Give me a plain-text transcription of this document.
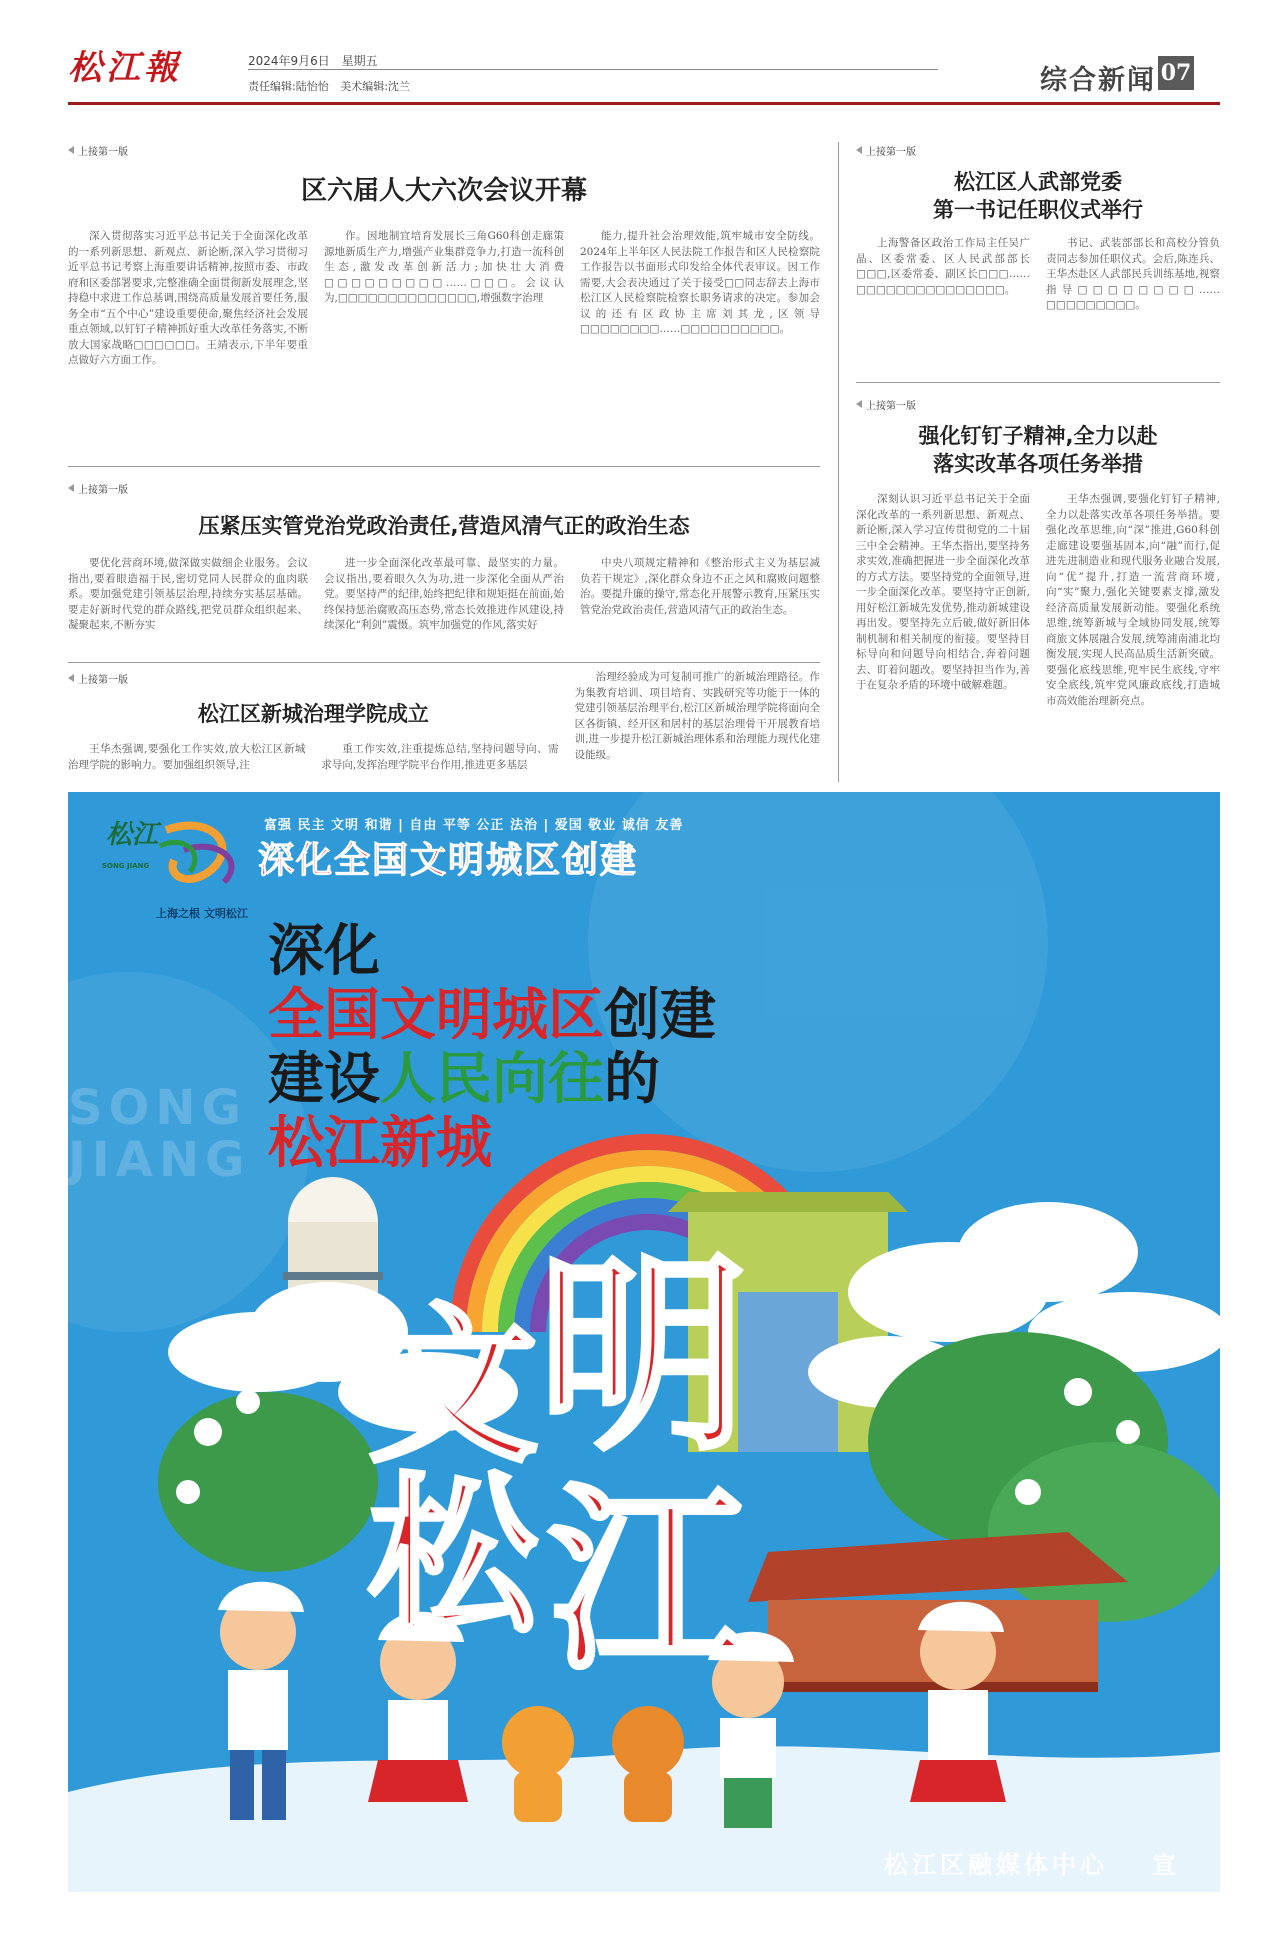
松江報	2024年9月6日 星期五
责任编辑:陆怡怡 美术编辑:沈兰	综合新闻 07
上接第一版
区六届人大六次会议开幕
深入贯彻落实习近平总书记关于全面深化改革的一系列新思想、新观点、新论断,深入学习贯彻习近平总书记考察上海重要讲话精神,按照市委、市政府和区委部署要求,完整准确全面贯彻新发展理念,坚持稳中求进工作总基调,围绕高质量发展首要任务,服务全市“五个中心”建设重要使命,聚焦经济社会发展重点领域,以钉钉子精神抓好重大改革任务落实,不断放大国家战略□□□□□□。王靖表示,下半年要重点做好六方面工作。
作。因地制宜培育发展长三角G60科创走廊策源地新质生产力,增强产业集群竞争力,打造一流科创生态,激发改革创新活力;加快壮大消费□□□□□□□□□……□□□。会议认为,□□□□□□□□□□□□□□,增强数字治理
能力,提升社会治理效能,筑牢城市安全防线。2024年上半年区人民法院工作报告和区人民检察院工作报告以书面形式印发给全体代表审议。因工作需要,大会表决通过了关于接受□□同志辞去上海市松江区人民检察院检察长职务请求的决定。参加会议的还有区政协主席刘其龙,区领导□□□□□□□□……□□□□□□□□□□。
上接第一版
松江区人武部党委
第一书记任职仪式举行
上海警备区政治工作局主任吴广晶、区委常委、区人民武部部长□□□,区委常委、副区长□□□……□□□□□□□□□□□□□□□。
书记、武装部部长和高校分管负责同志参加任职仪式。会后,陈连兵、王华杰赴区人武部民兵训练基地,视察指导□□□□□□□□……□□□□□□□□□。
上接第一版
强化钉钉子精神,全力以赴
落实改革各项任务举措
深刻认识习近平总书记关于全面深化改革的一系列新思想、新观点、新论断,深入学习宣传贯彻党的二十届三中全会精神。王华杰指出,要坚持务求实效,准确把握进一步全面深化改革的方式方法。要坚持党的全面领导,进一步全面深化改革。要坚持守正创新,用好松江新城先发优势,推动新城建设再出发。要坚持先立后破,做好新旧体制机制和相关制度的衔接。要坚持目标导向和问题导向相结合,奔着问题去、盯着问题改。要坚持担当作为,善于在复杂矛盾的环境中破解难题。
王华杰强调,要强化钉钉子精神,全力以赴落实改革各项任务举措。要强化改革思维,向“深”推进,G60科创走廊建设要强基固本,向“融”而行,促进先进制造业和现代服务业融合发展,向“优”提升,打造一流营商环境,向“实”聚力,强化关键要素支撑,激发经济高质量发展新动能。要强化系统思维,统筹新城与全域协同发展,统筹商旅文体展融合发展,统筹浦南浦北均衡发展,实现人民高品质生活新突破。要强化底线思维,兜牢民生底线,守牢安全底线,筑牢党风廉政底线,打造城市高效能治理新亮点。
上接第一版
压紧压实管党治党政治责任,营造风清气正的政治生态
要优化营商环境,做深做实做细企业服务。会议指出,要着眼造福于民,密切党同人民群众的血肉联系。要加强党建引领基层治理,持续夯实基层基础。要走好新时代党的群众路线,把党员群众组织起来、凝聚起来,不断夯实
进一步全面深化改革最可靠、最坚实的力量。会议指出,要着眼久久为功,进一步深化全面从严治党。要坚持严的纪律,始终把纪律和规矩挺在前面,始终保持惩治腐败高压态势,常态长效推进作风建设,持续深化“利剑”震慑。筑牢加强党的作风,落实好
中央八项规定精神和《整治形式主义为基层减负若干规定》,深化群众身边不正之风和腐败问题整治。要提升廉的操守,常态化开展警示教育,压紧压实管党治党政治责任,营造风清气正的政治生态。
上接第一版
松江区新城治理学院成立
王华杰强调,要强化工作实效,放大松江区新城治理学院的影响力。要加强组织领导,注
重工作实效,注重提炼总结,坚持问题导向、需求导向,发挥治理学院平台作用,推进更多基层
治理经验成为可复制可推广的新城治理路径。作为集教育培训、项目培育、实践研究等功能于一体的党建引领基层治理平台,松江区新城治理学院将面向全区各街镇、经开区和居村的基层治理骨干开展教育培训,进一步提升松江新城治理体系和治理能力现代化建设能级。
松江
SONG JIANG
上海之根 文明松江
富强 民主 文明 和谐 | 自由 平等 公正 法治 | 爱国 敬业 诚信 友善
深化全国文明城区创建
SONG
JIANG
深化
全国文明城区创建
建设人民向往的
松江新城
文 明
松 江
松江区融媒体中心 宣
